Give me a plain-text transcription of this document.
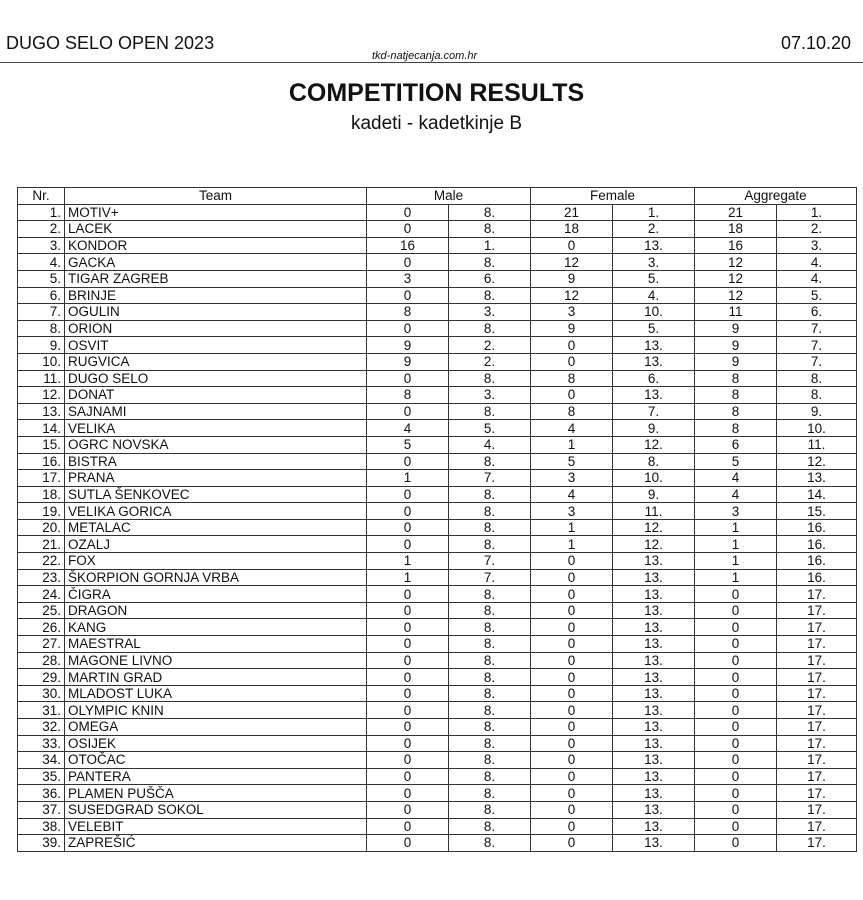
DUGO SELO OPEN 2023	07.10.20
tkd-natjecanja.com.hr
COMPETITION RESULTS
kadeti - kadetkinje B
Nr.	Team	Male		Female		Aggregate	
1.	MOTIV+	0	8.	21	1.	21	1.
2.	LACEK	0	8.	18	2.	18	2.
3.	KONDOR	16	1.	0	13.	16	3.
4.	GACKA	0	8.	12	3.	12	4.
5.	TIGAR ZAGREB	3	6.	9	5.	12	4.
6.	BRINJE	0	8.	12	4.	12	5.
7.	OGULIN	8	3.	3	10.	11	6.
8.	ORION	0	8.	9	5.	9	7.
9.	OSVIT	9	2.	0	13.	9	7.
10.	RUGVICA	9	2.	0	13.	9	7.
11.	DUGO SELO	0	8.	8	6.	8	8.
12.	DONAT	8	3.	0	13.	8	8.
13.	SAJNAMI	0	8.	8	7.	8	9.
14.	VELIKA	4	5.	4	9.	8	10.
15.	OGRC NOVSKA	5	4.	1	12.	6	11.
16.	BISTRA	0	8.	5	8.	5	12.
17.	PRANA	1	7.	3	10.	4	13.
18.	SUTLA ŠENKOVEC	0	8.	4	9.	4	14.
19.	VELIKA GORICA	0	8.	3	11.	3	15.
20.	METALAC	0	8.	1	12.	1	16.
21.	OZALJ	0	8.	1	12.	1	16.
22.	FOX	1	7.	0	13.	1	16.
23.	ŠKORPION GORNJA VRBA	1	7.	0	13.	1	16.
24.	ČIGRA	0	8.	0	13.	0	17.
25.	DRAGON	0	8.	0	13.	0	17.
26.	KANG	0	8.	0	13.	0	17.
27.	MAESTRAL	0	8.	0	13.	0	17.
28.	MAGONE LIVNO	0	8.	0	13.	0	17.
29.	MARTIN GRAD	0	8.	0	13.	0	17.
30.	MLADOST LUKA	0	8.	0	13.	0	17.
31.	OLYMPIC KNIN	0	8.	0	13.	0	17.
32.	OMEGA	0	8.	0	13.	0	17.
33.	OSIJEK	0	8.	0	13.	0	17.
34.	OTOČAC	0	8.	0	13.	0	17.
35.	PANTERA	0	8.	0	13.	0	17.
36.	PLAMEN PUŠČA	0	8.	0	13.	0	17.
37.	SUSEDGRAD SOKOL	0	8.	0	13.	0	17.
38.	VELEBIT	0	8.	0	13.	0	17.
39.	ZAPREŠIĆ	0	8.	0	13.	0	17.
